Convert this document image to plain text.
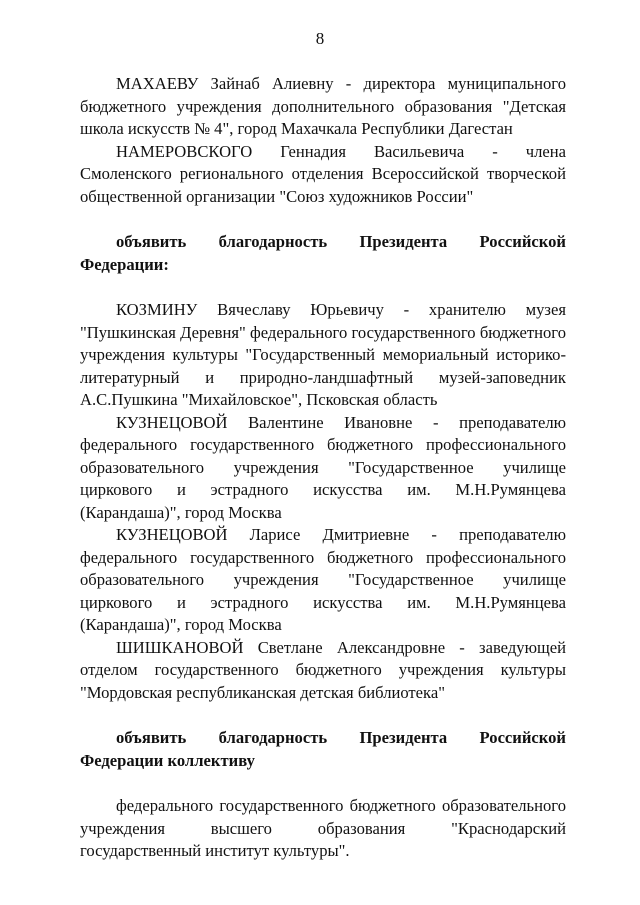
8

МАХАЕВУ Зайнаб Алиевну - директора муниципального бюджетного учреждения дополнительного образования "Детская школа искусств № 4", город Махачкала Республики Дагестан

НАМЕРОВСКОГО Геннадия Васильевича - члена Смоленского регионального отделения Всероссийской творческой общественной организации "Союз художников России"

объявить благодарность Президента Российской Федерации:

КОЗМИНУ Вячеславу Юрьевичу - хранителю музея "Пушкинская Деревня" федерального государственного бюджетного учреждения культуры "Государственный мемориальный историко-литературный и природно-ландшафтный музей-заповедник А.С.Пушкина "Михайловское", Псковская область

КУЗНЕЦОВОЙ Валентине Ивановне - преподавателю федерального государственного бюджетного профессионального образовательного учреждения "Государственное училище циркового и эстрадного искусства им. М.Н.Румянцева (Карандаша)", город Москва

КУЗНЕЦОВОЙ Ларисе Дмитриевне - преподавателю федерального государственного бюджетного профессионального образовательного учреждения "Государственное училище циркового и эстрадного искусства им. М.Н.Румянцева (Карандаша)", город Москва

ШИШКАНОВОЙ Светлане Александровне - заведующей отделом государственного бюджетного учреждения культуры "Мордовская республиканская детская библиотека"

объявить благодарность Президента Российской Федерации коллективу

федерального государственного бюджетного образовательного учреждения высшего образования "Краснодарский государственный институт культуры".
